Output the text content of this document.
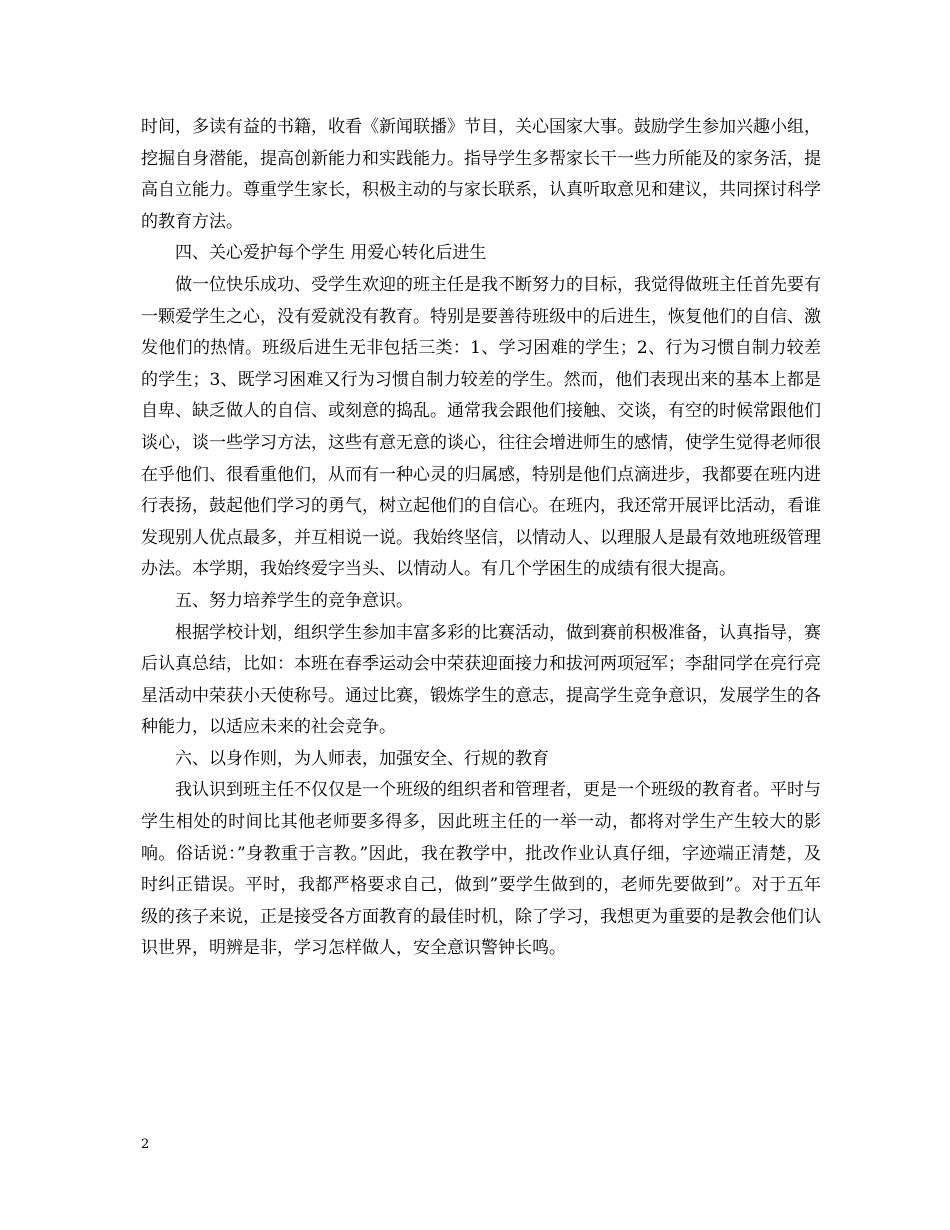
时间，多读有益的书籍，收看《新闻联播》节目，关心国家大事。鼓励学生参加兴趣小组，挖掘自身潜能，提高创新能力和实践能力。指导学生多帮家长干一些力所能及的家务活，提高自立能力。尊重学生家长，积极主动的与家长联系，认真听取意见和建议，共同探讨科学的教育方法。

四、关心爱护每个学生 用爱心转化后进生

做一位快乐成功、受学生欢迎的班主任是我不断努力的目标，我觉得做班主任首先要有一颗爱学生之心，没有爱就没有教育。特别是要善待班级中的后进生，恢复他们的自信、激发他们的热情。班级后进生无非包括三类：1、学习困难的学生；2、行为习惯自制力较差的学生；3、既学习困难又行为习惯自制力较差的学生。然而，他们表现出来的基本上都是自卑、缺乏做人的自信、或刻意的捣乱。通常我会跟他们接触、交谈，有空的时候常跟他们谈心，谈一些学习方法，这些有意无意的谈心，往往会增进师生的感情，使学生觉得老师很在乎他们、很看重他们，从而有一种心灵的归属感，特别是他们点滴进步，我都要在班内进行表扬，鼓起他们学习的勇气，树立起他们的自信心。在班内，我还常开展评比活动，看谁发现别人优点最多，并互相说一说。我始终坚信，以情动人、以理服人是最有效地班级管理办法。本学期，我始终爱字当头、以情动人。有几个学困生的成绩有很大提高。

五、努力培养学生的竞争意识。

根据学校计划，组织学生参加丰富多彩的比赛活动，做到赛前积极准备，认真指导，赛后认真总结，比如：本班在春季运动会中荣获迎面接力和拔河两项冠军；李甜同学在亮行亮星活动中荣获小天使称号。通过比赛，锻炼学生的意志，提高学生竞争意识，发展学生的各种能力，以适应未来的社会竞争。

六、以身作则，为人师表，加强安全、行规的教育

我认识到班主任不仅仅是一个班级的组织者和管理者，更是一个班级的教育者。平时与学生相处的时间比其他老师要多得多，因此班主任的一举一动，都将对学生产生较大的影响。俗话说：”身教重于言教。”因此，我在教学中，批改作业认真仔细，字迹端正清楚，及时纠正错误。平时，我都严格要求自己，做到”要学生做到的，老师先要做到”。对于五年级的孩子来说，正是接受各方面教育的最佳时机，除了学习，我想更为重要的是教会他们认识世界，明辨是非，学习怎样做人，安全意识警钟长鸣。

2
